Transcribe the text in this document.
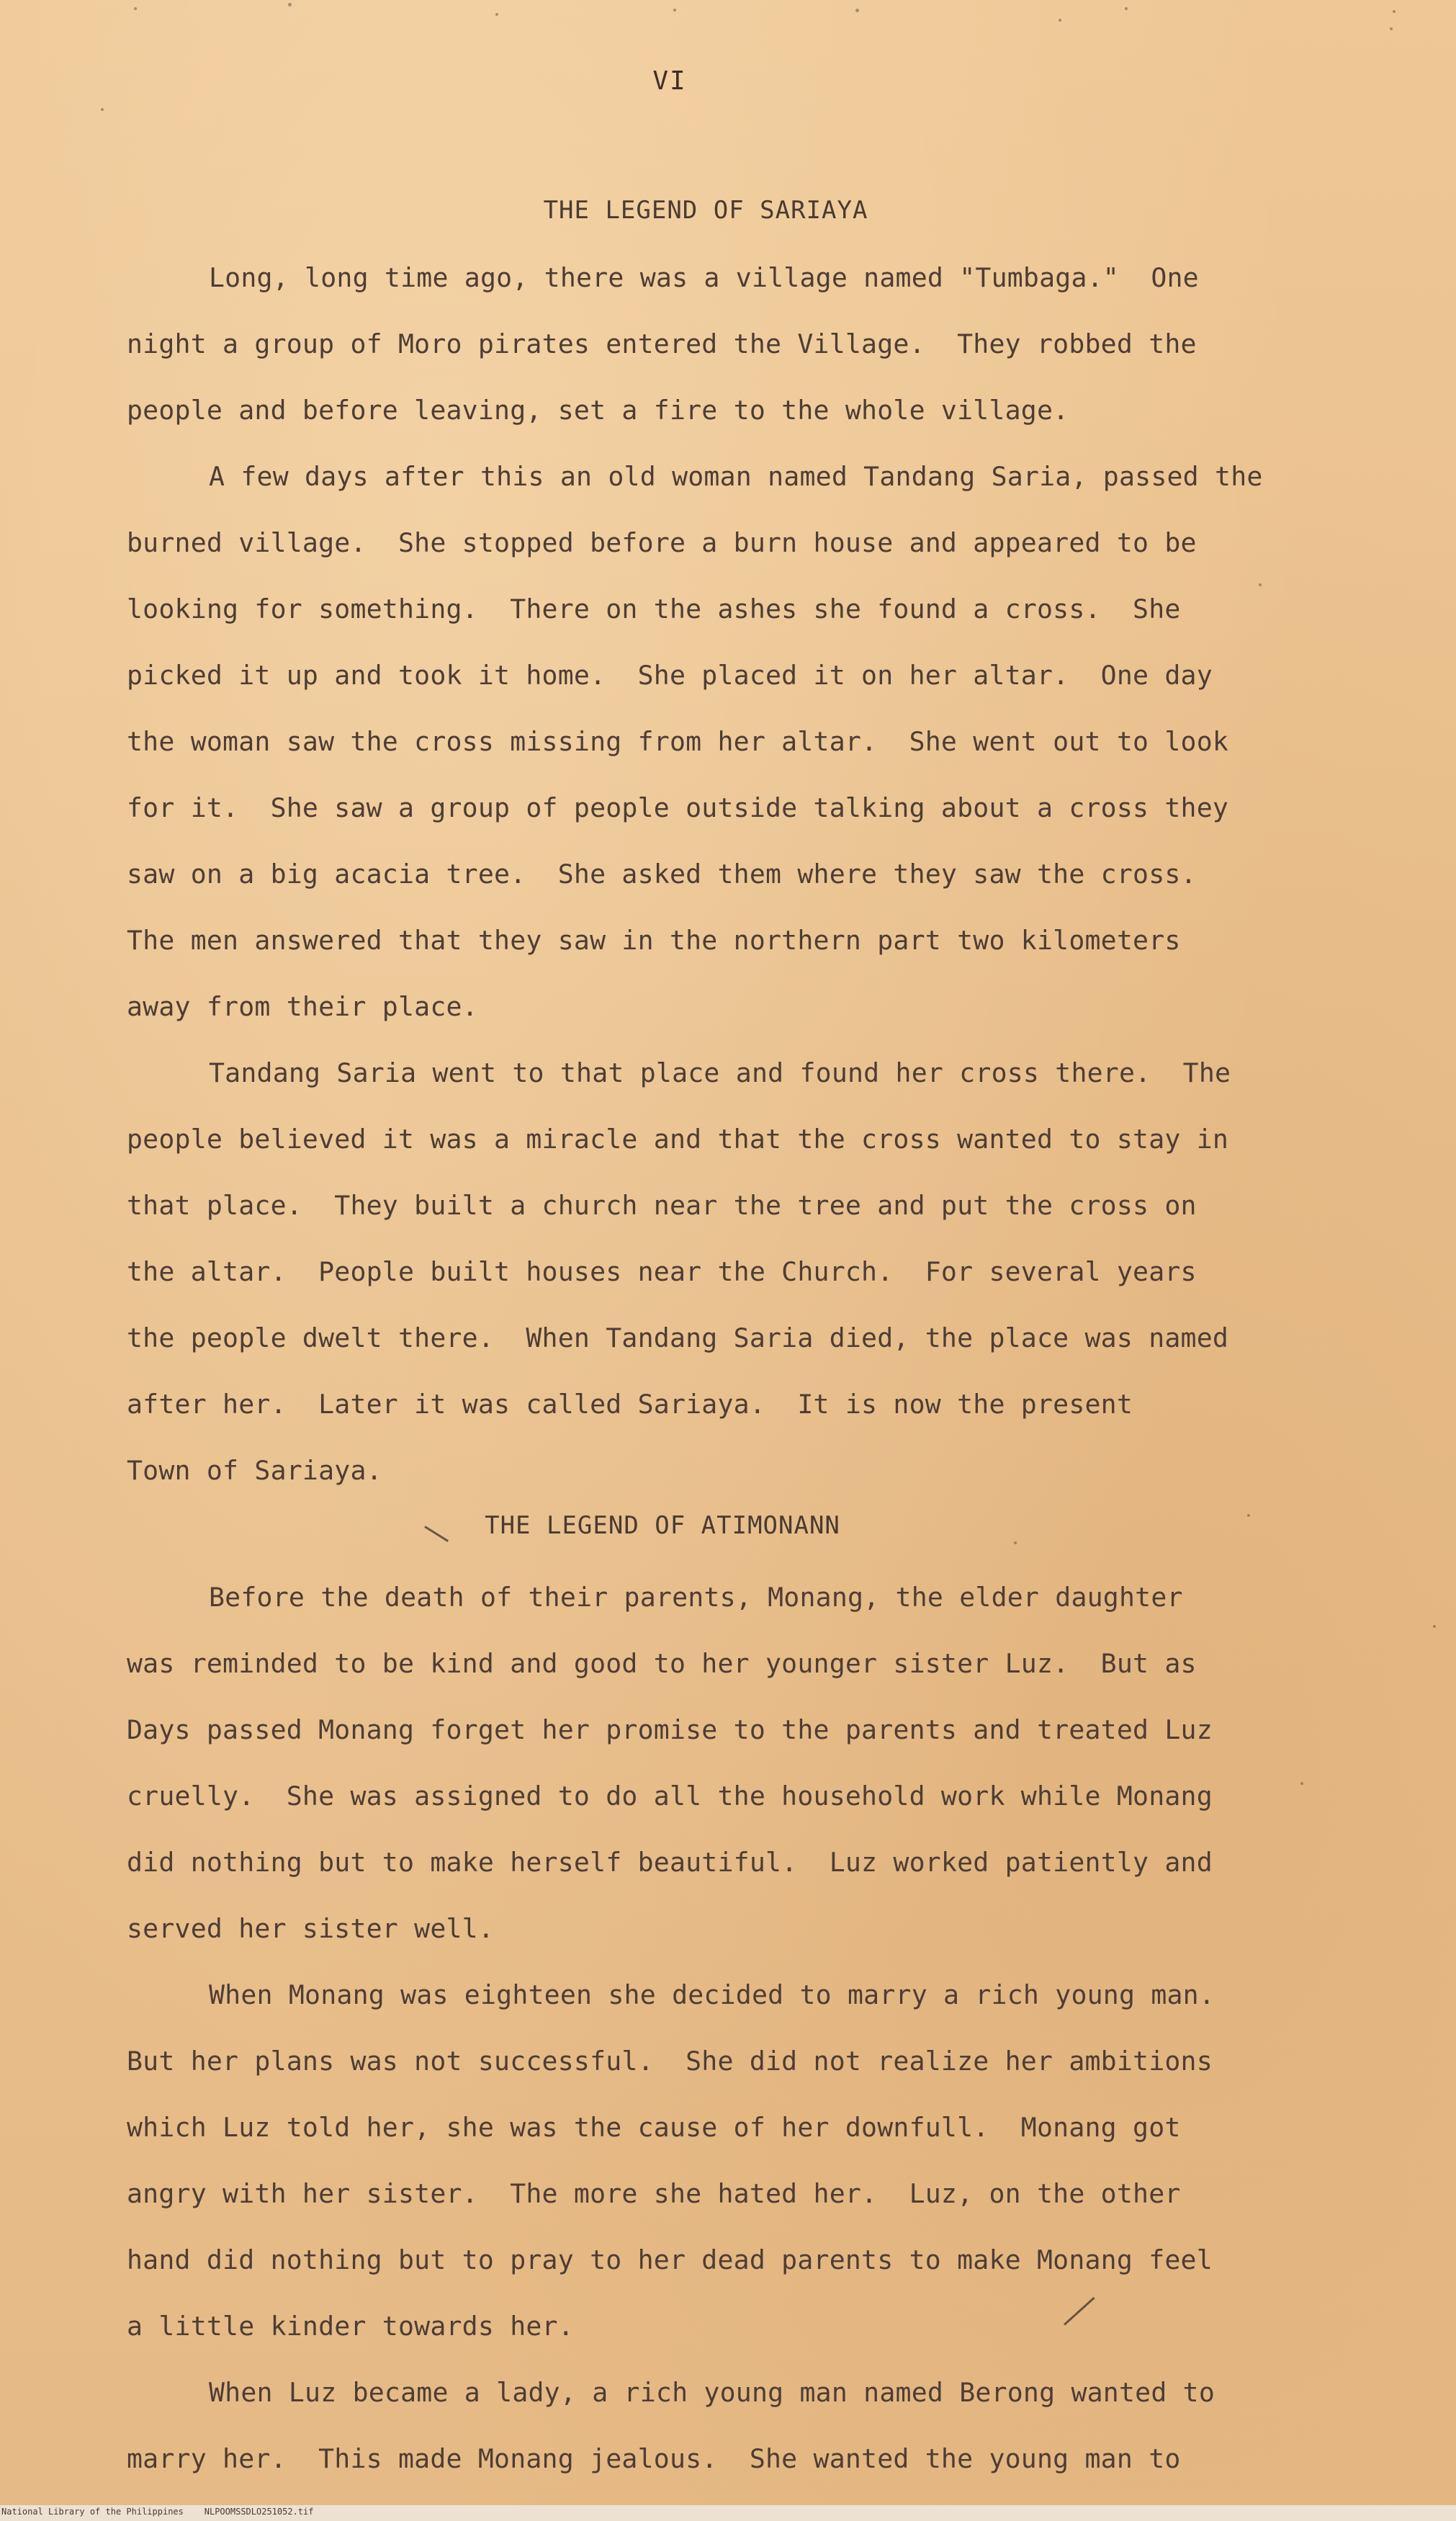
VI
THE LEGEND OF SARIAYA
Long, long time ago, there was a village named "Tumbaga."  One
night a group of Moro pirates entered the Village.  They robbed the
people and before leaving, set a fire to the whole village.
A few days after this an old woman named Tandang Saria, passed the
burned village.  She stopped before a burn house and appeared to be
looking for something.  There on the ashes she found a cross.  She
picked it up and took it home.  She placed it on her altar.  One day
the woman saw the cross missing from her altar.  She went out to look
for it.  She saw a group of people outside talking about a cross they
saw on a big acacia tree.  She asked them where they saw the cross.
The men answered that they saw in the northern part two kilometers
away from their place.
Tandang Saria went to that place and found her cross there.  The
people believed it was a miracle and that the cross wanted to stay in
that place.  They built a church near the tree and put the cross on
the altar.  People built houses near the Church.  For several years
the people dwelt there.  When Tandang Saria died, the place was named
after her.  Later it was called Sariaya.  It is now the present
Town of Sariaya.
THE LEGEND OF ATIMONANN
Before the death of their parents, Monang, the elder daughter
was reminded to be kind and good to her younger sister Luz.  But as
Days passed Monang forget her promise to the parents and treated Luz
cruelly.  She was assigned to do all the household work while Monang
did nothing but to make herself beautiful.  Luz worked patiently and
served her sister well.
When Monang was eighteen she decided to marry a rich young man.
But her plans was not successful.  She did not realize her ambitions
which Luz told her, she was the cause of her downfull.  Monang got
angry with her sister.  The more she hated her.  Luz, on the other
hand did nothing but to pray to her dead parents to make Monang feel
a little kinder towards her.
When Luz became a lady, a rich young man named Berong wanted to
marry her.  This made Monang jealous.  She wanted the young man to
National Library of the Philippines    NLPOOMSSDLO251052.tif
